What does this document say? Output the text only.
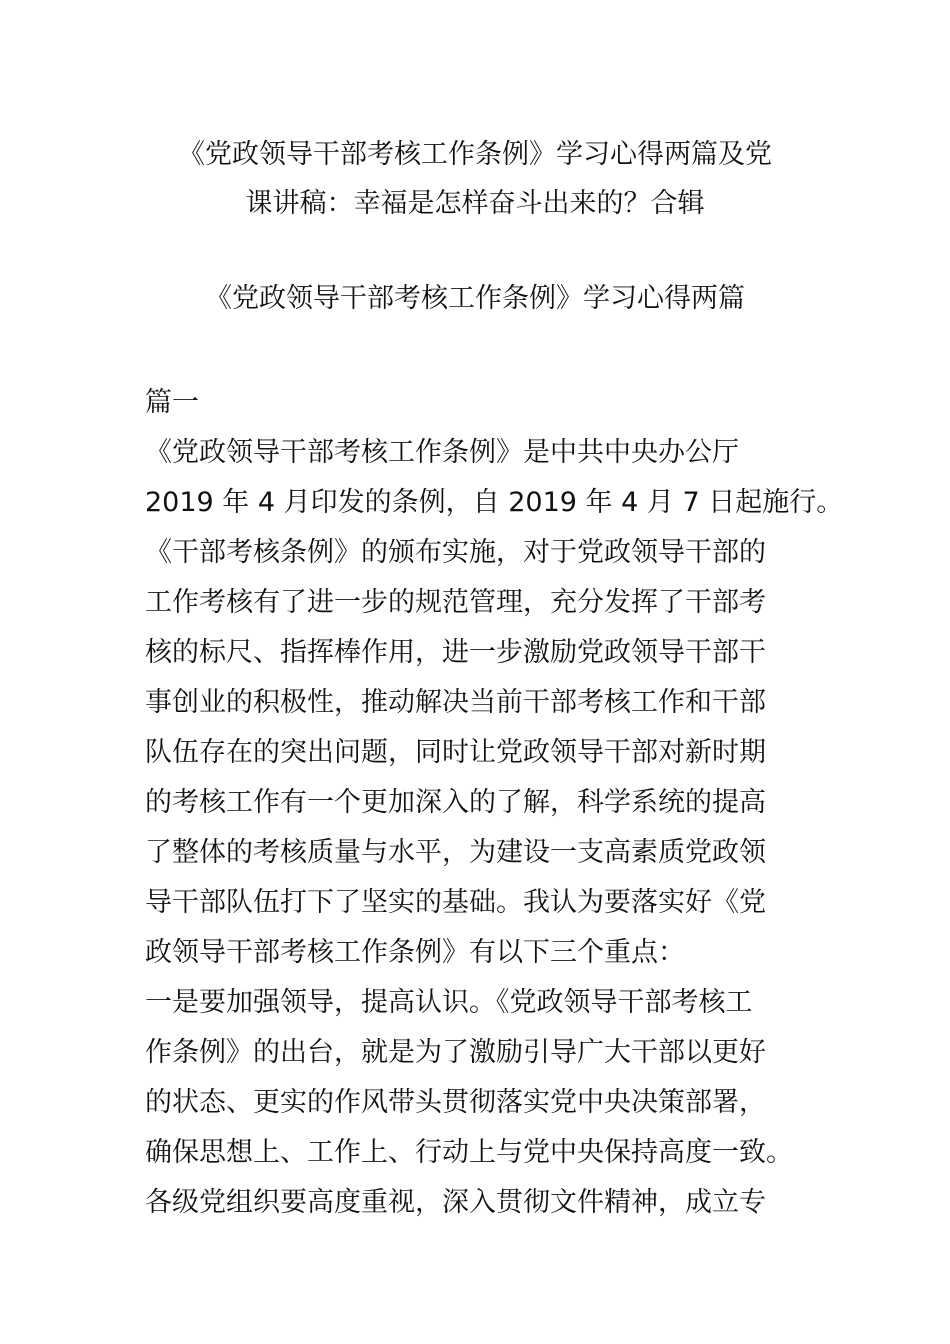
《党政领导干部考核工作条例》学习心得两篇及党
课讲稿：幸福是怎样奋斗出来的？合辑
《党政领导干部考核工作条例》学习心得两篇
篇一
《党政领导干部考核工作条例》是中共中央办公厅
2019 年 4 月印发的条例，自 2019 年 4 月 7 日起施行。
《干部考核条例》的颁布实施，对于党政领导干部的
工作考核有了进一步的规范管理，充分发挥了干部考
核的标尺、指挥棒作用，进一步激励党政领导干部干
事创业的积极性，推动解决当前干部考核工作和干部
队伍存在的突出问题，同时让党政领导干部对新时期
的考核工作有一个更加深入的了解，科学系统的提高
了整体的考核质量与水平，为建设一支高素质党政领
导干部队伍打下了坚实的基础。我认为要落实好《党
政领导干部考核工作条例》有以下三个重点：
一是要加强领导，提高认识。《党政领导干部考核工
作条例》的出台，就是为了激励引导广大干部以更好
的状态、更实的作风带头贯彻落实党中央决策部署，
确保思想上、工作上、行动上与党中央保持高度一致。
各级党组织要高度重视，深入贯彻文件精神，成立专
